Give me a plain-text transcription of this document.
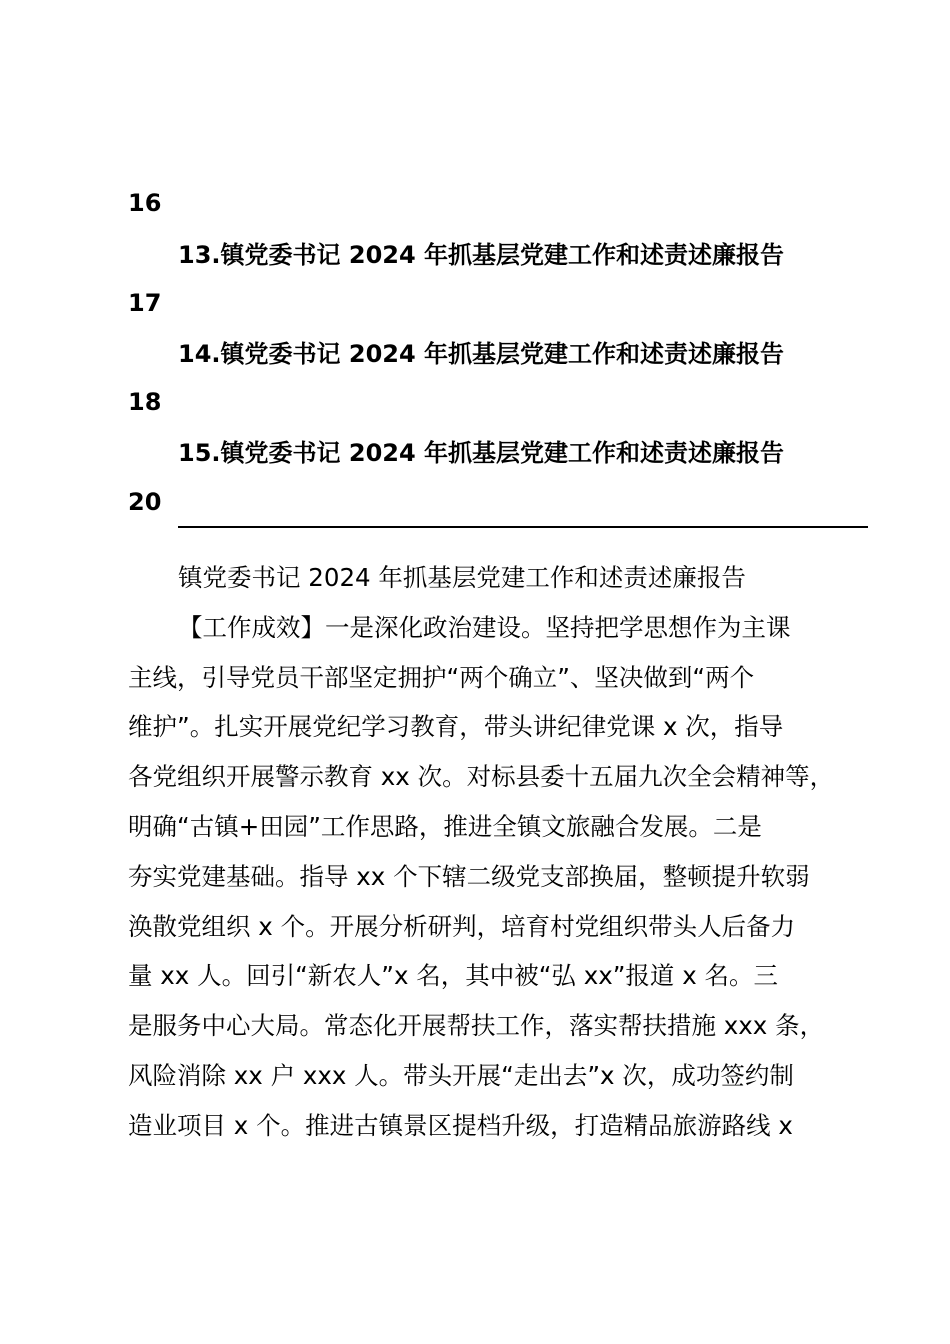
16
13.镇党委书记 2024 年抓基层党建工作和述责述廉报告
17
14.镇党委书记 2024 年抓基层党建工作和述责述廉报告
18
15.镇党委书记 2024 年抓基层党建工作和述责述廉报告
20
镇党委书记 2024 年抓基层党建工作和述责述廉报告
【工作成效】一是深化政治建设。坚持把学思想作为主课
主线，引导党员干部坚定拥护“两个确立”、坚决做到“两个
维护”。扎实开展党纪学习教育，带头讲纪律党课 x 次，指导
各党组织开展警示教育 xx 次。对标县委十五届九次全会精神等，
明确“古镇+田园”工作思路，推进全镇文旅融合发展。二是
夯实党建基础。指导 xx 个下辖二级党支部换届，整顿提升软弱
涣散党组织 x 个。开展分析研判，培育村党组织带头人后备力
量 xx 人。回引“新农人”x 名，其中被“弘 xx”报道 x 名。三
是服务中心大局。常态化开展帮扶工作，落实帮扶措施 xxx 条，
风险消除 xx 户 xxx 人。带头开展“走出去”x 次，成功签约制
造业项目 x 个。推进古镇景区提档升级，打造精品旅游路线 x
